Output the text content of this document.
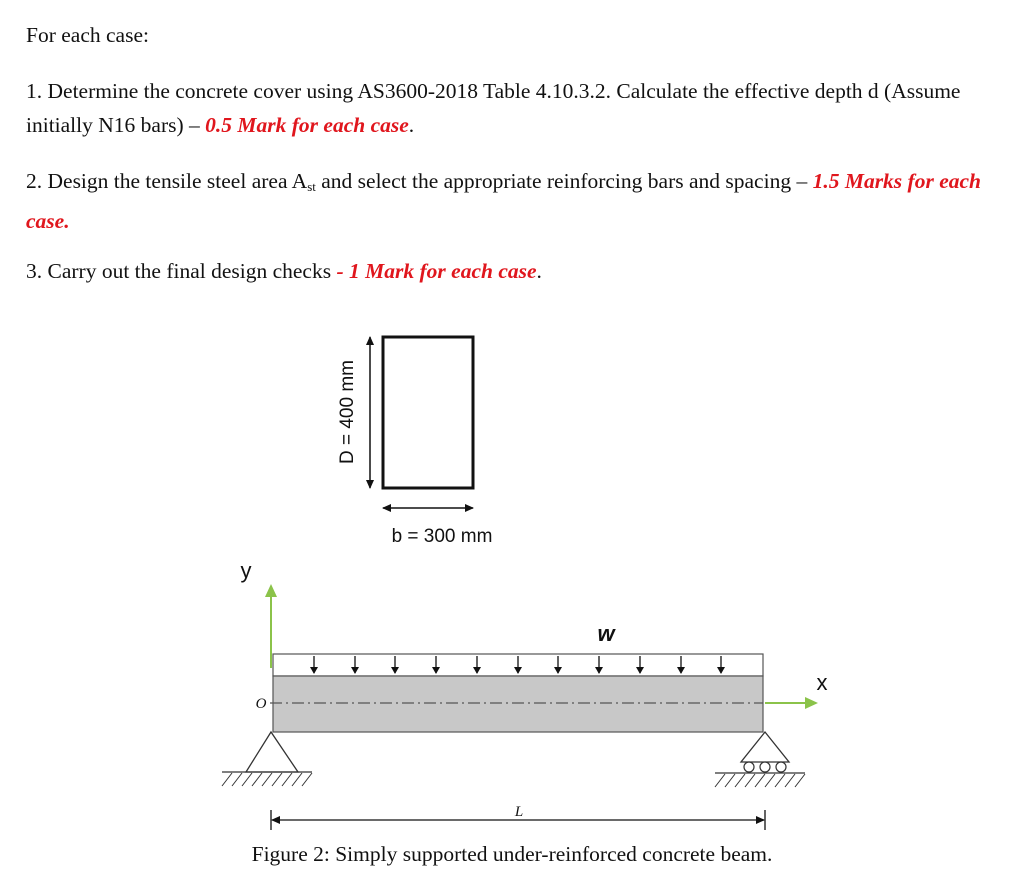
For each case:

1. Determine the concrete cover using AS3600-2018 Table 4.10.3.2. Calculate the effective depth d (Assume initially N16 bars) – 0.5 Mark for each case.

2. Design the tensile steel area $A_{st}$ and select the appropriate reinforcing bars and spacing – 1.5 Marks for each case.

3. Carry out the final design checks - 1 Mark for each case.

D = 400 mm
b = 300 mm
y
x
O
w
L
Figure 2: Simply supported under-reinforced concrete beam.
